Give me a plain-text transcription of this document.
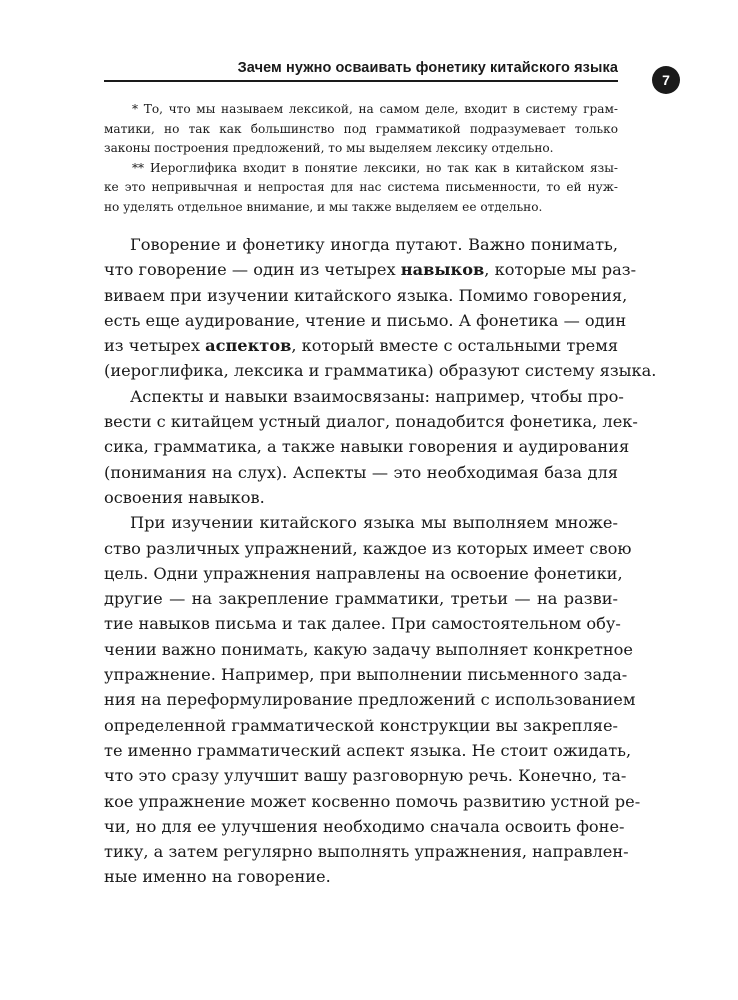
Зачем нужно осваивать фонетику китайского языка
7
* То, что мы называем лексикой, на самом деле, входит в систему грам-
матики, но так как большинство под грамматикой подразумевает только
законы построения предложений, то мы выделяем лексику отдельно.
** Иероглифика входит в понятие лексики, но так как в китайском язы-
ке это непривычная и непростая для нас система письменности, то ей нуж-
но уделять отдельное внимание, и мы также выделяем ее отдельно.

Говорение и фонетику иногда путают. Важно понимать,
что говорение — один из четырех навыков, которые мы раз-
виваем при изучении китайского языка. Помимо говорения,
есть еще аудирование, чтение и письмо. А фонетика — один
из четырех аспектов, который вместе с остальными тремя
(иероглифика, лексика и грамматика) образуют систему языка.

Аспекты и навыки взаимосвязаны: например, чтобы про-
вести с китайцем устный диалог, понадобится фонетика, лек-
сика, грамматика, а также навыки говорения и аудирования
(понимания на слух). Аспекты — это необходимая база для
освоения навыков.

При изучении китайского языка мы выполняем множе-
ство различных упражнений, каждое из которых имеет свою
цель. Одни упражнения направлены на освоение фонетики,
другие — на закрепление грамматики, третьи — на разви-
тие навыков письма и так далее. При самостоятельном обу-
чении важно понимать, какую задачу выполняет конкретное
упражнение. Например, при выполнении письменного зада-
ния на переформулирование предложений с использованием
определенной грамматической конструкции вы закрепляе-
те именно грамматический аспект языка. Не стоит ожидать,
что это сразу улучшит вашу разговорную речь. Конечно, та-
кое упражнение может косвенно помочь развитию устной ре-
чи, но для ее улучшения необходимо сначала освоить фоне-
тику, а затем регулярно выполнять упражнения, направлен-
ные именно на говорение.
